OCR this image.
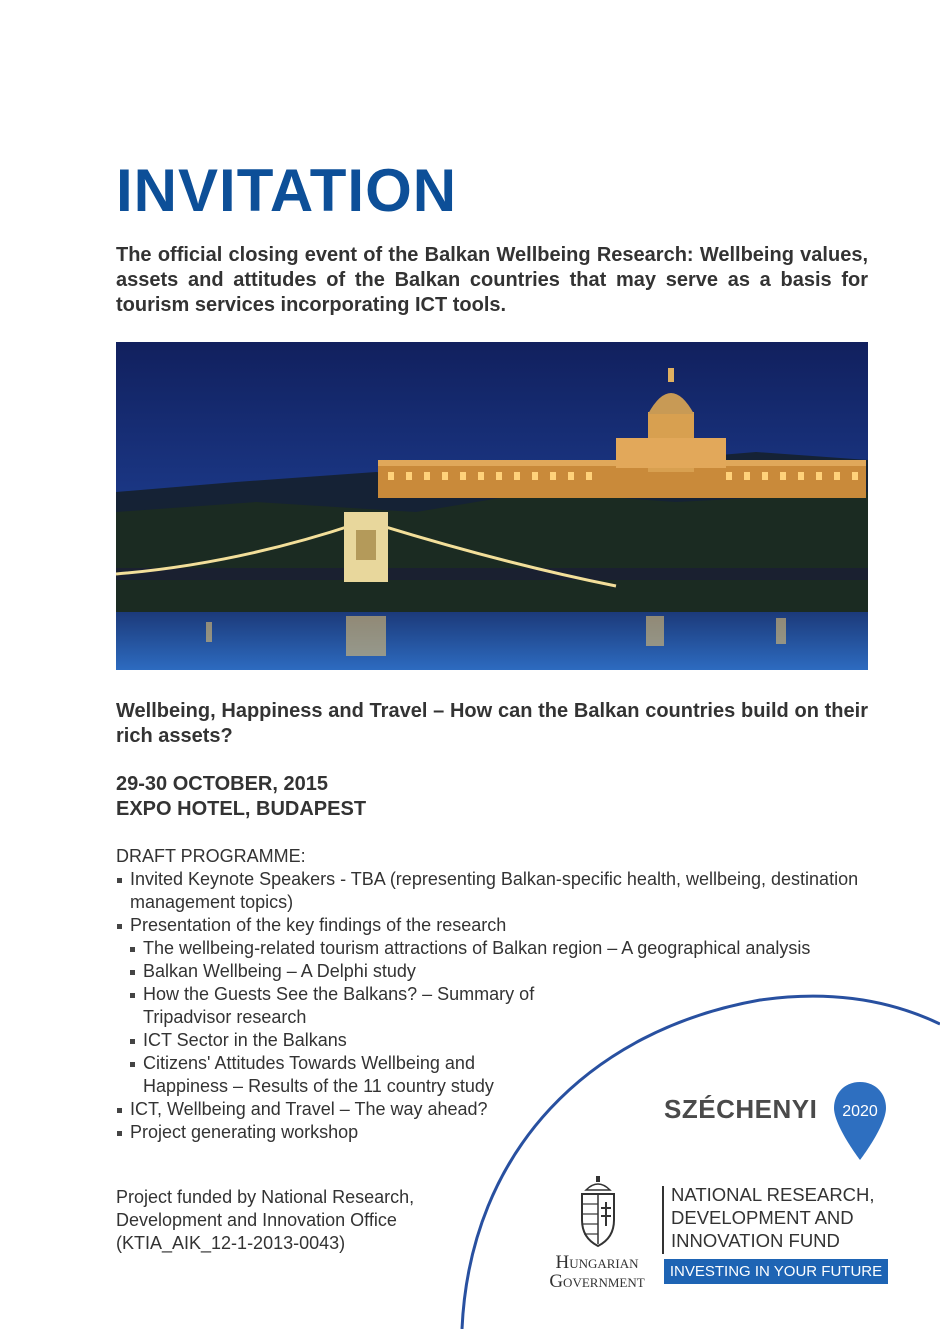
INVITATION

The official closing event of the Balkan Wellbeing Research: Wellbeing values, assets and attitudes of the Balkan countries that may serve as a basis for tourism services incorporating ICT tools.

Wellbeing, Happiness and Travel – How can the Balkan countries build on their rich assets?

29-30 OCTOBER, 2015
EXPO HOTEL, BUDAPEST
DRAFT PROGRAMME:
Invited Keynote Speakers - TBA (representing Balkan-specific health, wellbeing, destination management topics)
Presentation of the key findings of the research
The wellbeing-related tourism attractions of Balkan region – A geographical analysis
Balkan Wellbeing – A Delphi study
How the Guests See the Balkans? – Summary of Tripadvisor research
ICT Sector in the Balkans
Citizens' Attitudes Towards Wellbeing and Happiness – Results of the 11 country study
ICT, Wellbeing and Travel – The way ahead?
Project generating workshop
Project funded by National Research,
Development and Innovation Office
(KTIA_AIK_12-1-2013-0043)
SZÉCHENYI 2020
Hungarian
Government
NATIONAL RESEARCH,
DEVELOPMENT AND
INNOVATION FUND
INVESTING IN YOUR FUTURE
